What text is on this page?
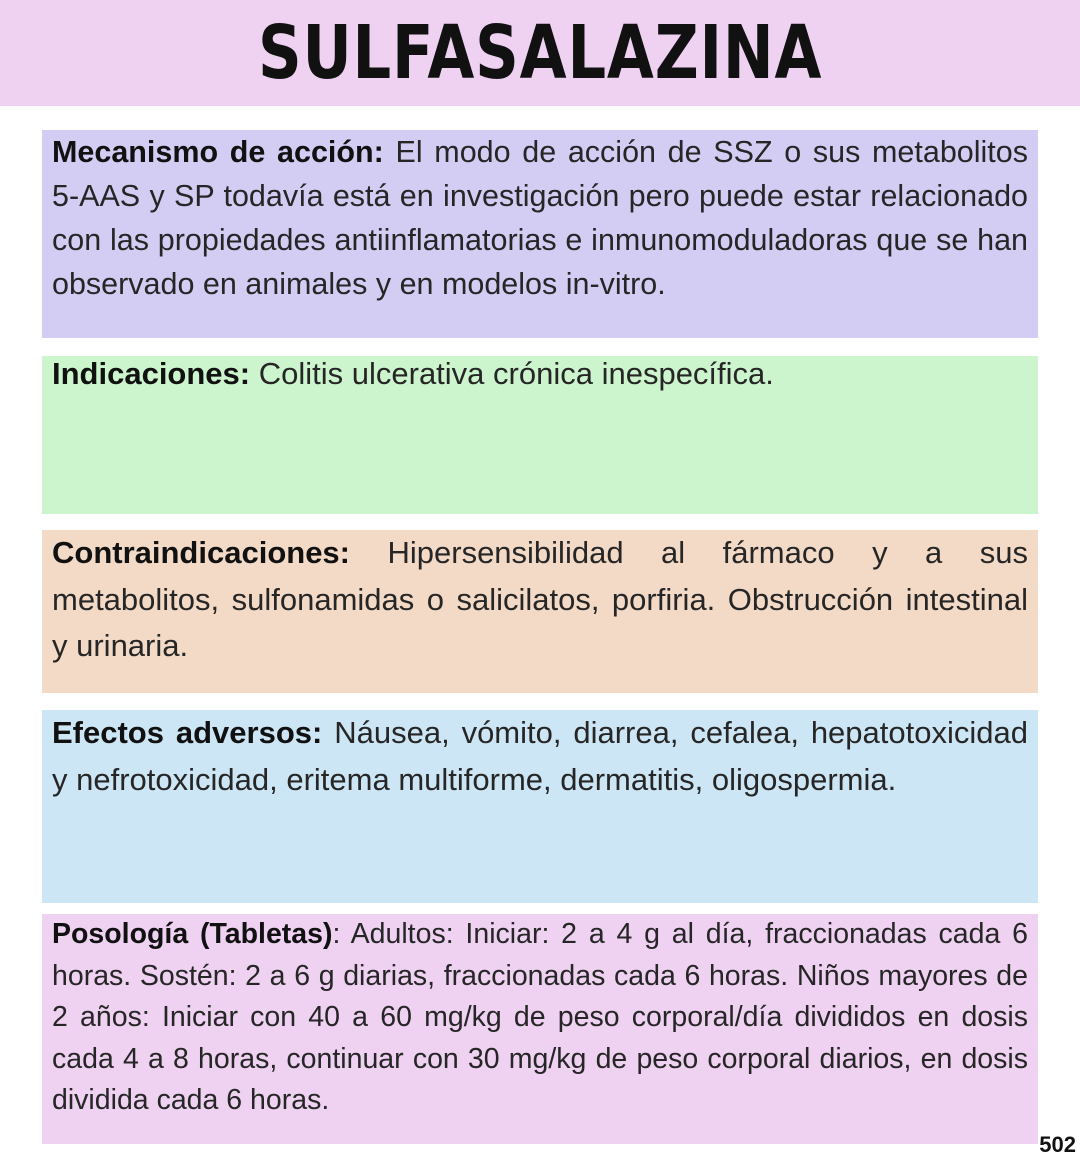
SULFASALAZINA
Mecanismo de acción: El modo de acción de SSZ o sus metabolitos 5-AAS y SP todavía está en investigación pero puede estar relacionado con las propiedades antiinflamatorias e inmunomoduladoras que se han observado en animales y en modelos in-vitro.
Indicaciones: Colitis ulcerativa crónica inespecífica.
Contraindicaciones: Hipersensibilidad al fármaco y a sus metabolitos, sulfonamidas o salicilatos, porfiria. Obstrucción intestinal y urinaria.
Efectos adversos: Náusea, vómito, diarrea, cefalea, hepatotoxicidad y nefrotoxicidad, eritema multiforme, dermatitis, oligospermia.
Posología (Tabletas): Adultos: Iniciar: 2 a 4 g al día, fraccionadas cada 6 horas. Sostén: 2 a 6 g diarias, fraccionadas cada 6 horas. Niños mayores de 2 años: Iniciar con 40 a 60 mg/kg de peso corporal/día divididos en dosis cada 4 a 8 horas, continuar con 30 mg/kg de peso corporal diarios, en dosis dividida cada 6 horas.
502
